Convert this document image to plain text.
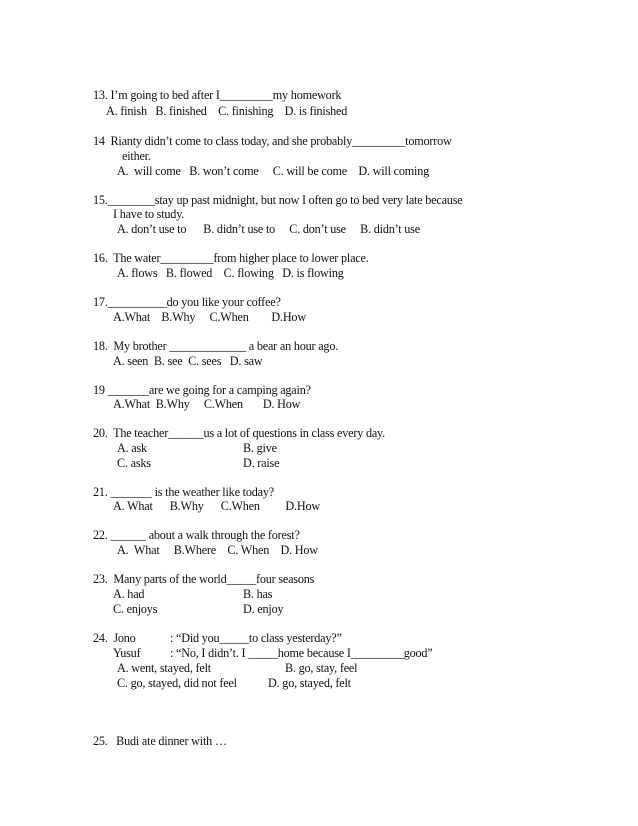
13. I’m going to bed after I_________my homework
A. finish   B. finished    C. finishing    D. is finished
14  Rianty didn’t come to class today, and she probably_________tomorrow
either.
A.  will come   B. won’t come     C. will be come    D. will coming
15.________stay up past midnight, but now I often go to bed very late because
I have to study.
A. don’t use to      B. didn’t use to     C. don’t use     B. didn’t use
16.  The water_________from higher place to lower place.
A. flows   B. flowed    C. flowing   D. is flowing
17.__________do you like your coffee?
A.What    B.Why     C.When        D.How
18.  My brother _____________ a bear an hour ago.
A. seen  B. see  C. sees   D. saw
19 _______are we going for a camping again?
A.What  B.Why     C.When       D. How
20.  The teacher______us a lot of questions in class every day.
A. ask	B. give
C. asks	D. raise
21. _______ is the weather like today?
A. What      B.Why      C.When         D.How
22. ______ about a walk through the forest?
A.  What     B.Where    C. When    D. How
23.  Many parts of the world_____four seasons
A. had	B. has
C. enjoys	D. enjoy
24.  Jono	: “Did you_____to class yesterday?”
Yusuf : “No, I didn’t. I _____home because I_________good”
A. went, stayed, felt	B. go, stay, feel
C. go, stayed, did not feel	D. go, stayed, felt
25.   Budi ate dinner with …
